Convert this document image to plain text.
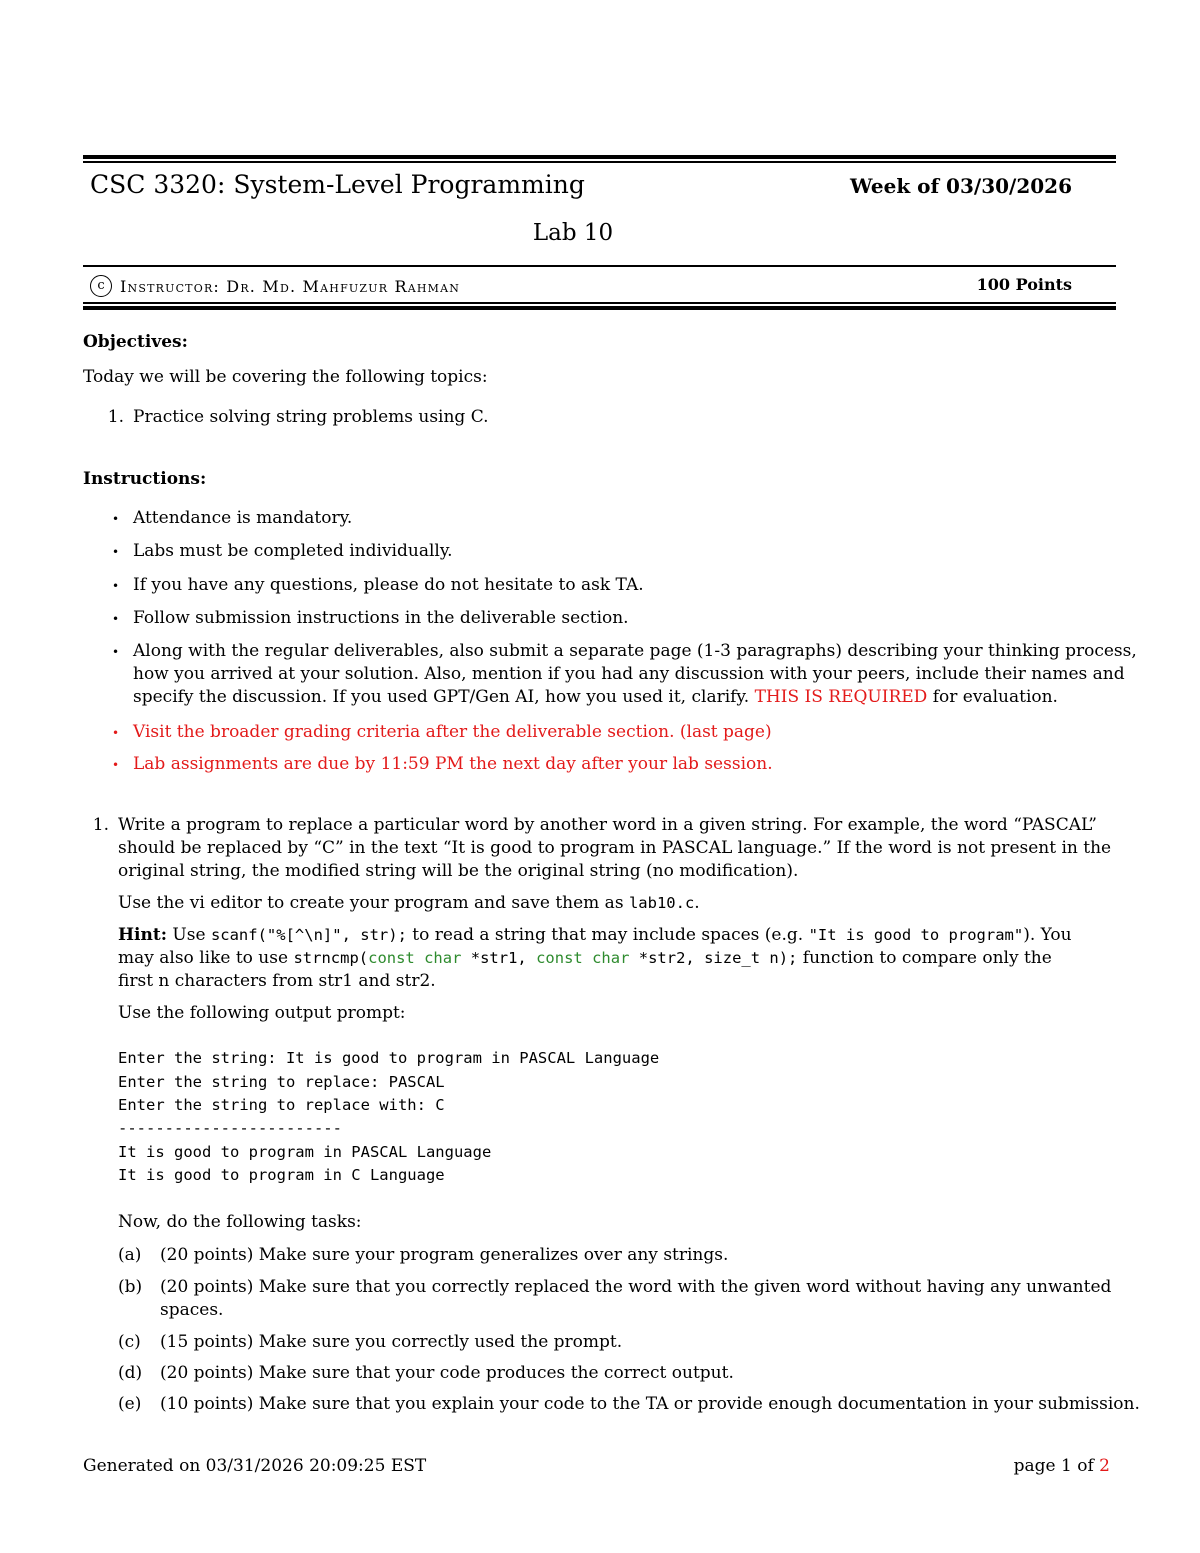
CSC 3320: System-Level Programming	Week of 03/30/2026
Lab 10
c Instructor: Dr. Md. Mahfuzur Rahman	100 Points
Objectives:
Today we will be covering the following topics:
1. Practice solving string problems using C.
Instructions:
• Attendance is mandatory.
• Labs must be completed individually.
• If you have any questions, please do not hesitate to ask TA.
• Follow submission instructions in the deliverable section.
• Along with the regular deliverables, also submit a separate page (1-3 paragraphs) describing your thinking process,
how you arrived at your solution. Also, mention if you had any discussion with your peers, include their names and
specify the discussion. If you used GPT/Gen AI, how you used it, clarify. THIS IS REQUIRED for evaluation.
• Visit the broader grading criteria after the deliverable section. (last page)
• Lab assignments are due by 11:59 PM the next day after your lab session.
1. Write a program to replace a particular word by another word in a given string. For example, the word “PASCAL”
should be replaced by “C” in the text “It is good to program in PASCAL language.” If the word is not present in the
original string, the modified string will be the original string (no modification).
Use the vi editor to create your program and save them as lab10.c.
Hint: Use scanf("%[^\n]", str); to read a string that may include spaces (e.g. "It is good to program"). You
may also like to use strncmp(const char *str1, const char *str2, size_t n); function to compare only the
first n characters from str1 and str2.
Use the following output prompt:
Enter the string: It is good to program in PASCAL Language
Enter the string to replace: PASCAL
Enter the string to replace with: C
------------------------
It is good to program in PASCAL Language
It is good to program in C Language
Now, do the following tasks:
(a)	(20 points) Make sure your program generalizes over any strings.
(b)	(20 points) Make sure that you correctly replaced the word with the given word without having any unwanted
spaces.
(c)	(15 points) Make sure you correctly used the prompt.
(d)	(20 points) Make sure that your code produces the correct output.
(e)	(10 points) Make sure that you explain your code to the TA or provide enough documentation in your submission.
Generated on 03/31/2026 20:09:25 EST	page 1 of 2
